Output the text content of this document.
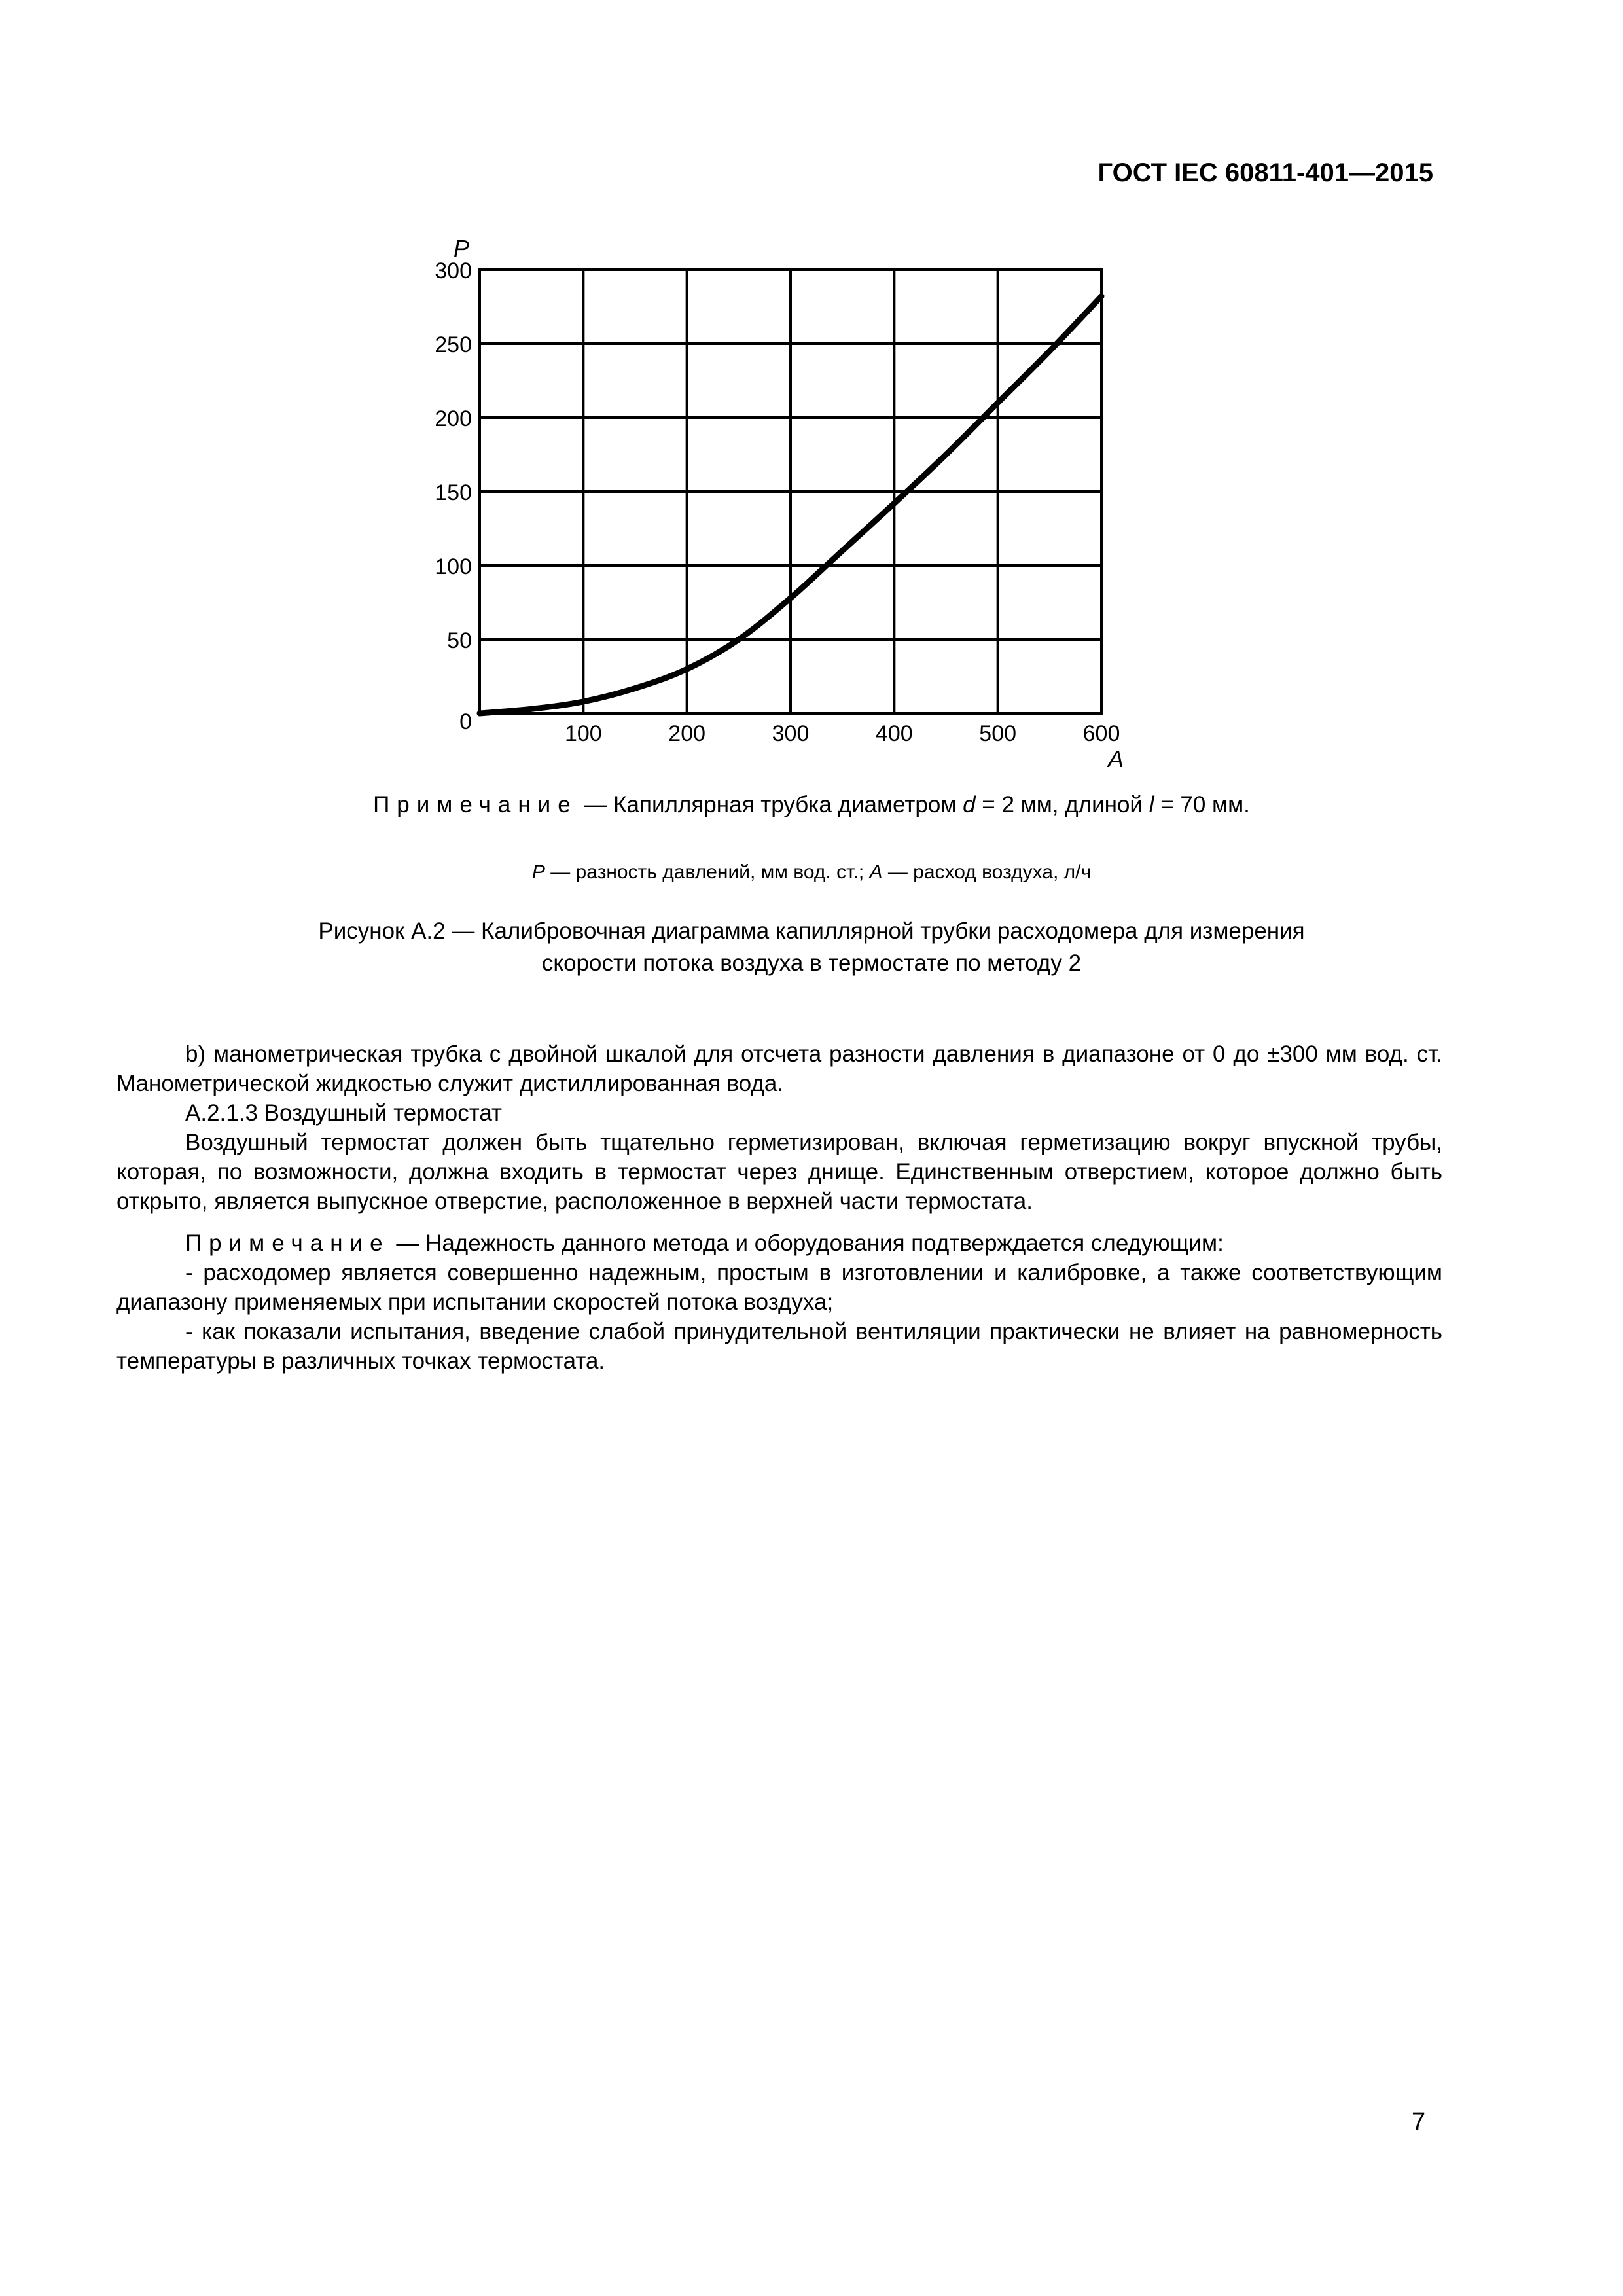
ГОСТ IEC 60811-401—2015
0
50
100
150
200
250
300
100	200	300	400	500	600
P
A
Примечание — Капиллярная трубка диаметром d = 2 мм, длиной l = 70 мм.
P — разность давлений, мм вод. ст.; A — расход воздуха, л/ч
Рисунок А.2 — Калибровочная диаграмма капиллярной трубки расходомера для измерения
скорости потока воздуха в термостате по методу 2

b) манометрическая трубка с двойной шкалой для отсчета разности давления в диапазоне от 0 до ±300 мм вод. ст. Манометрической жидкостью служит дистиллированная вода.

А.2.1.3 Воздушный термостат

Воздушный термостат должен быть тщательно герметизирован, включая герметизацию вокруг впускной трубы, которая, по возможности, должна входить в термостат через днище. Единственным отверстием, которое должно быть открыто, является выпускное отверстие, расположенное в верхней части термостата.

Примечание — Надежность данного метода и оборудования подтверждается следующим:

- расходомер является совершенно надежным, простым в изготовлении и калибровке, а также соответствующим диапазону применяемых при испытании скоростей потока воздуха;

- как показали испытания, введение слабой принудительной вентиляции практически не влияет на равномерность температуры в различных точках термостата.

7
